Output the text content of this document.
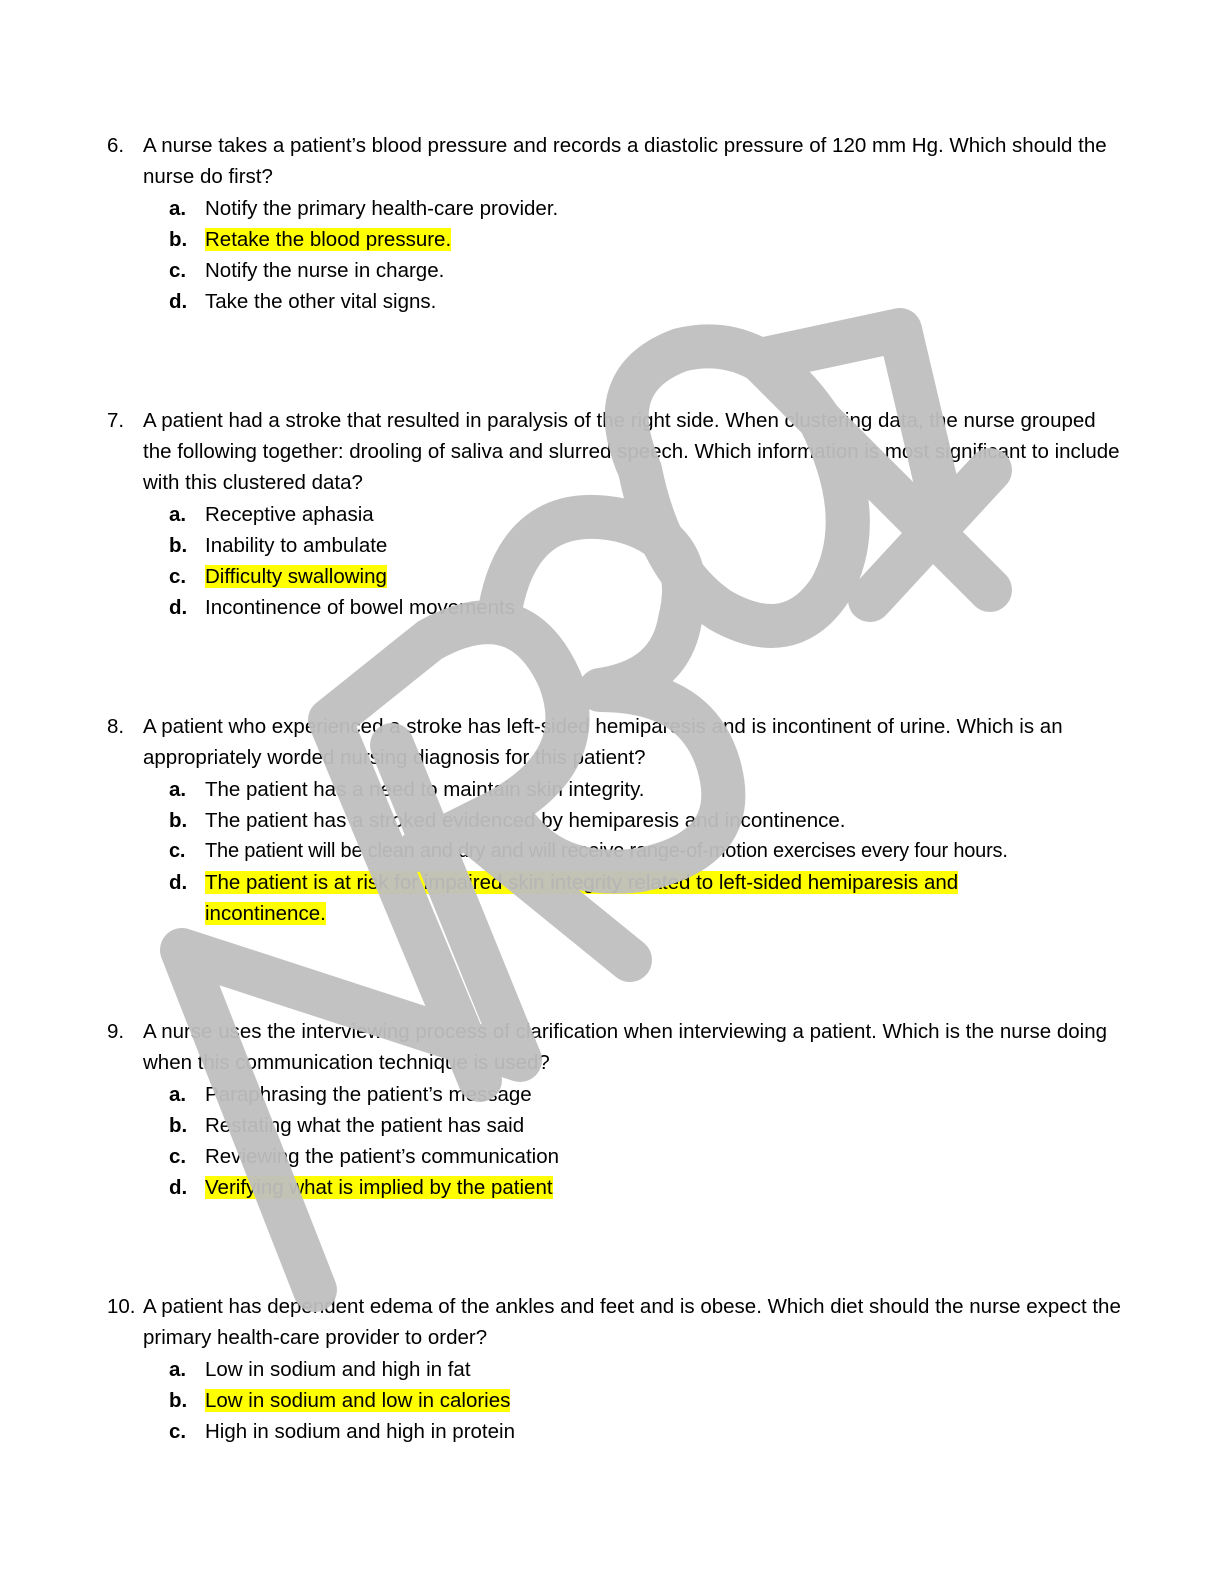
6. A nurse takes a patient’s blood pressure and records a diastolic pressure of 120 mm Hg. Which should the nurse do first?
a. Notify the primary health-care provider.
b. Retake the blood pressure.
c. Notify the nurse in charge.
d. Take the other vital signs.
7. A patient had a stroke that resulted in paralysis of the right side. When clustering data, the nurse grouped the following together: drooling of saliva and slurred speech. Which information is most significant to include with this clustered data?
a. Receptive aphasia
b. Inability to ambulate
c. Difficulty swallowing
d. Incontinence of bowel movements
8. A patient who experienced a stroke has left-sided hemiparesis and is incontinent of urine. Which is an appropriately worded nursing diagnosis for this patient?
a. The patient has a need to maintain skin integrity.
b. The patient has a stroked evidenced by hemiparesis and incontinence.
c. The patient will be clean and dry and will receive range-of-motion exercises every four hours.
d. The patient is at risk for impaired skin integrity related to left-sided hemiparesis and incontinence.
9. A nurse uses the interviewing process of clarification when interviewing a patient. Which is the nurse doing when this communication technique is used?
a. Paraphrasing the patient’s message
b. Restating what the patient has said
c. Reviewing the patient’s communication
d. Verifying what is implied by the patient
10. A patient has dependent edema of the ankles and feet and is obese. Which diet should the nurse expect the primary health-care provider to order?
a. Low in sodium and high in fat
b. Low in sodium and low in calories
c. High in sodium and high in protein
